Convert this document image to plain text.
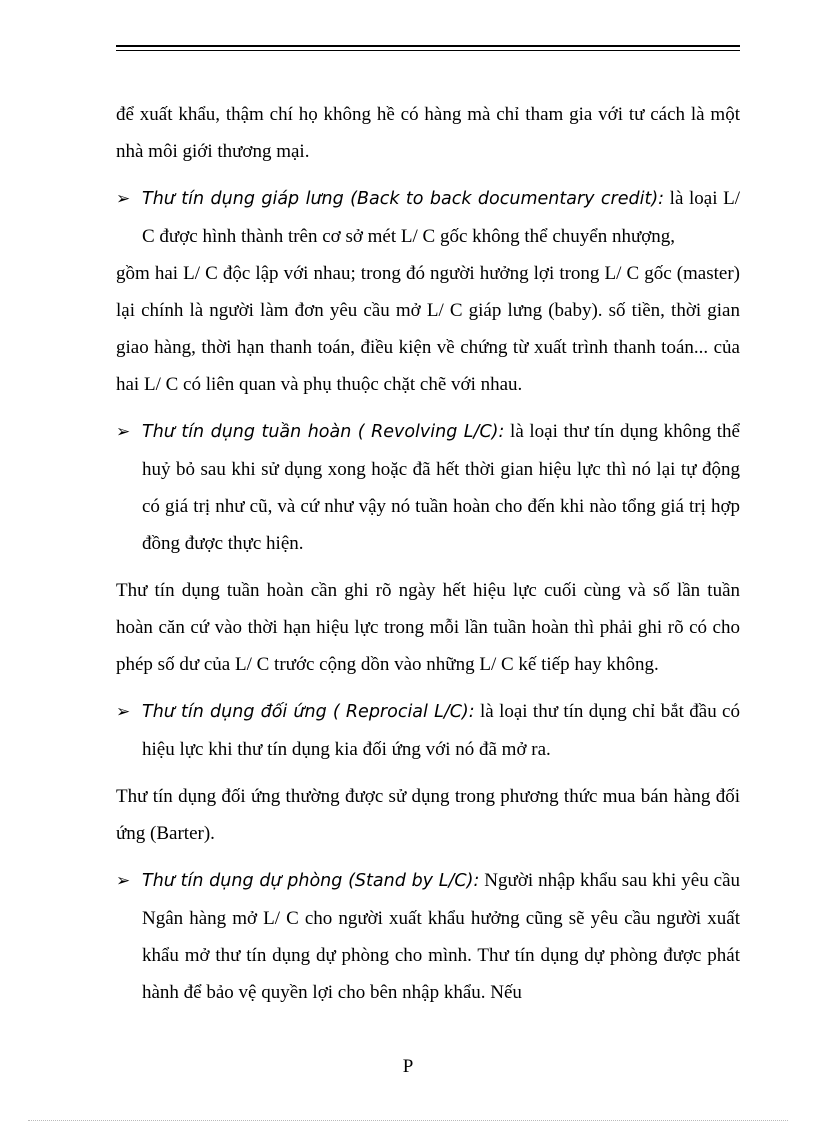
để xuất khẩu, thậm chí họ không hề có hàng mà chỉ tham gia với tư cách là một nhà môi giới thương mại.

➢ Thư tín dụng giáp lưng (Back to back documentary credit): là loại L/ C được hình thành trên cơ sở mét L/ C gốc không thể chuyển nhượng,

gồm hai L/ C độc lập với nhau; trong đó người hưởng lợi trong L/ C gốc (master) lại chính là người làm đơn yêu cầu mở L/ C giáp lưng (baby). số tiền, thời gian giao hàng, thời hạn thanh toán, điều kiện về chứng từ xuất trình thanh toán... của hai L/ C có liên quan và phụ thuộc chặt chẽ với nhau.

➢ Thư tín dụng tuần hoàn ( Revolving L/C): là loại thư tín dụng không thể huỷ bỏ sau khi sử dụng xong hoặc đã hết thời gian hiệu lực thì nó lại tự động có giá trị như cũ, và cứ như vậy nó tuần hoàn cho đến khi nào tổng giá trị hợp đồng được thực hiện.

Thư tín dụng tuần hoàn cần ghi rõ ngày hết hiệu lực cuối cùng và số lần tuần hoàn căn cứ vào thời hạn hiệu lực trong mỗi lần tuần hoàn thì phải ghi rõ có cho phép số dư của L/ C trước cộng dồn vào những L/ C kế tiếp hay không.

➢ Thư tín dụng đối ứng ( Reprocial L/C): là loại thư tín dụng chỉ bắt đầu có hiệu lực khi thư tín dụng kia đối ứng với nó đã mở ra.

Thư tín dụng đối ứng thường được sử dụng trong phương thức mua bán hàng đối ứng (Barter).

➢ Thư tín dụng dự phòng (Stand by L/C): Người nhập khẩu sau khi yêu cầu Ngân hàng mở L/ C cho người xuất khẩu hưởng cũng sẽ yêu cầu người xuất khẩu mở thư tín dụng dự phòng cho mình. Thư tín dụng dự phòng được phát hành để bảo vệ quyền lợi cho bên nhập khẩu. Nếu

P
